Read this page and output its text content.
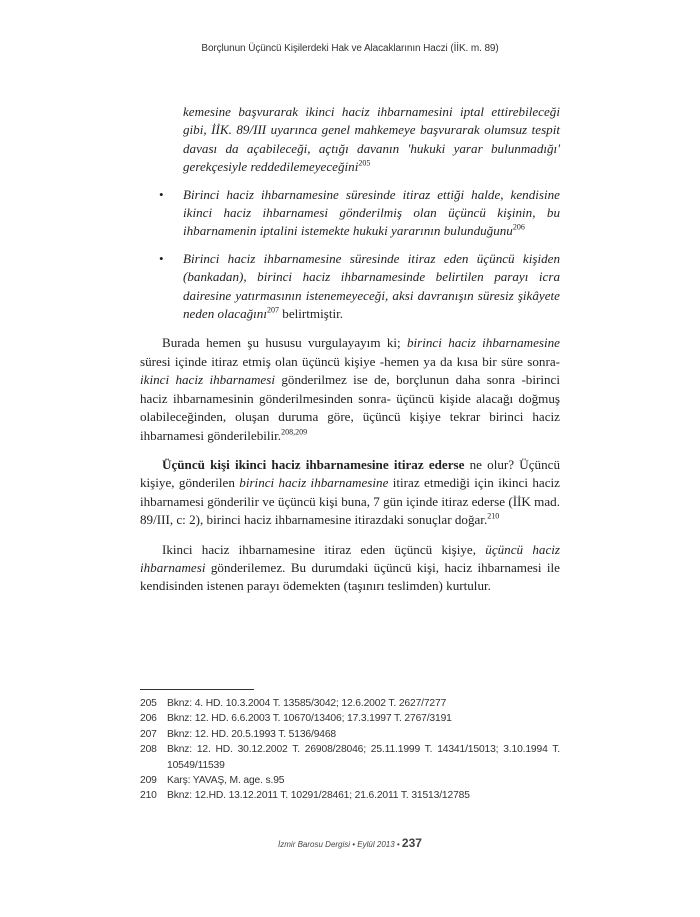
Borçlunun Üçüncü Kişilerdeki Hak ve Alacaklarının Haczi (İİK. m. 89)

kemesine başvurarak ikinci haciz ihbarnamesini iptal ettirebileceği gibi, İİK. 89/III uyarınca genel mahkemeye başvurarak olumsuz tespit davası da açabileceği, açtığı davanın 'hukuki yarar bulunmadığı' gerekçesiyle reddedilemeyeceğini$^{205}$

•	Birinci haciz ihbarnamesine süresinde itiraz ettiği halde, kendisine ikinci haciz ihbarnamesi gönderilmiş olan üçüncü kişinin, bu ihbarnamenin iptalini istemekte hukuki yararının bulunduğunu$^{206}$

•	Birinci haciz ihbarnamesine süresinde itiraz eden üçüncü kişiden (bankadan), birinci haciz ihbarnamesinde belirtilen parayı icra dairesine yatırmasının istenemeyeceği, aksi davranışın süresiz şikâyete neden olacağını$^{207}$ belirtmiştir.

Burada hemen şu hususu vurgulayayım ki; birinci haciz ihbarnamesine süresi içinde itiraz etmiş olan üçüncü kişiye -hemen ya da kısa bir süre sonra- ikinci haciz ihbarnamesi gönderilmez ise de, borçlunun daha sonra -birinci haciz ihbarnamesinin gönderilmesinden sonra- üçüncü kişide alacağı doğmuş olabileceğinden, oluşan duruma göre, üçüncü kişiye tekrar birinci haciz ihbarnamesi gönderilebilir.$^{208,209}$

Üçüncü kişi ikinci haciz ihbarnamesine itiraz ederse ne olur? Üçüncü kişiye, gönderilen birinci haciz ihbarnamesine itiraz etmediği için ikinci haciz ihbarnamesi gönderilir ve üçüncü kişi buna, 7 gün içinde itiraz ederse (İİK mad. 89/III, c: 2), birinci haciz ihbarnamesine itirazdaki sonuçlar doğar.$^{210}$

Ikinci haciz ihbarnamesine itiraz eden üçüncü kişiye, üçüncü haciz ihbarnamesi gönderilemez. Bu durumdaki üçüncü kişi, haciz ihbarnamesi ile kendisinden istenen parayı ödemekten (taşınırı teslimden) kurtulur.

205 Bknz: 4. HD. 10.3.2004 T. 13585/3042; 12.6.2002 T. 2627/7277
206 Bknz: 12. HD. 6.6.2003 T. 10670/13406; 17.3.1997 T. 2767/3191
207 Bknz: 12. HD. 20.5.1993 T. 5136/9468
208 Bknz: 12. HD. 30.12.2002 T. 26908/28046; 25.11.1999 T. 14341/15013; 3.10.1994 T. 10549/11539
209 Karş: YAVAŞ, M. age. s.95
210 Bknz: 12.HD. 13.12.2011 T. 10291/28461; 21.6.2011 T. 31513/12785
İzmir Barosu Dergisi • Eylül 2013 • 237
